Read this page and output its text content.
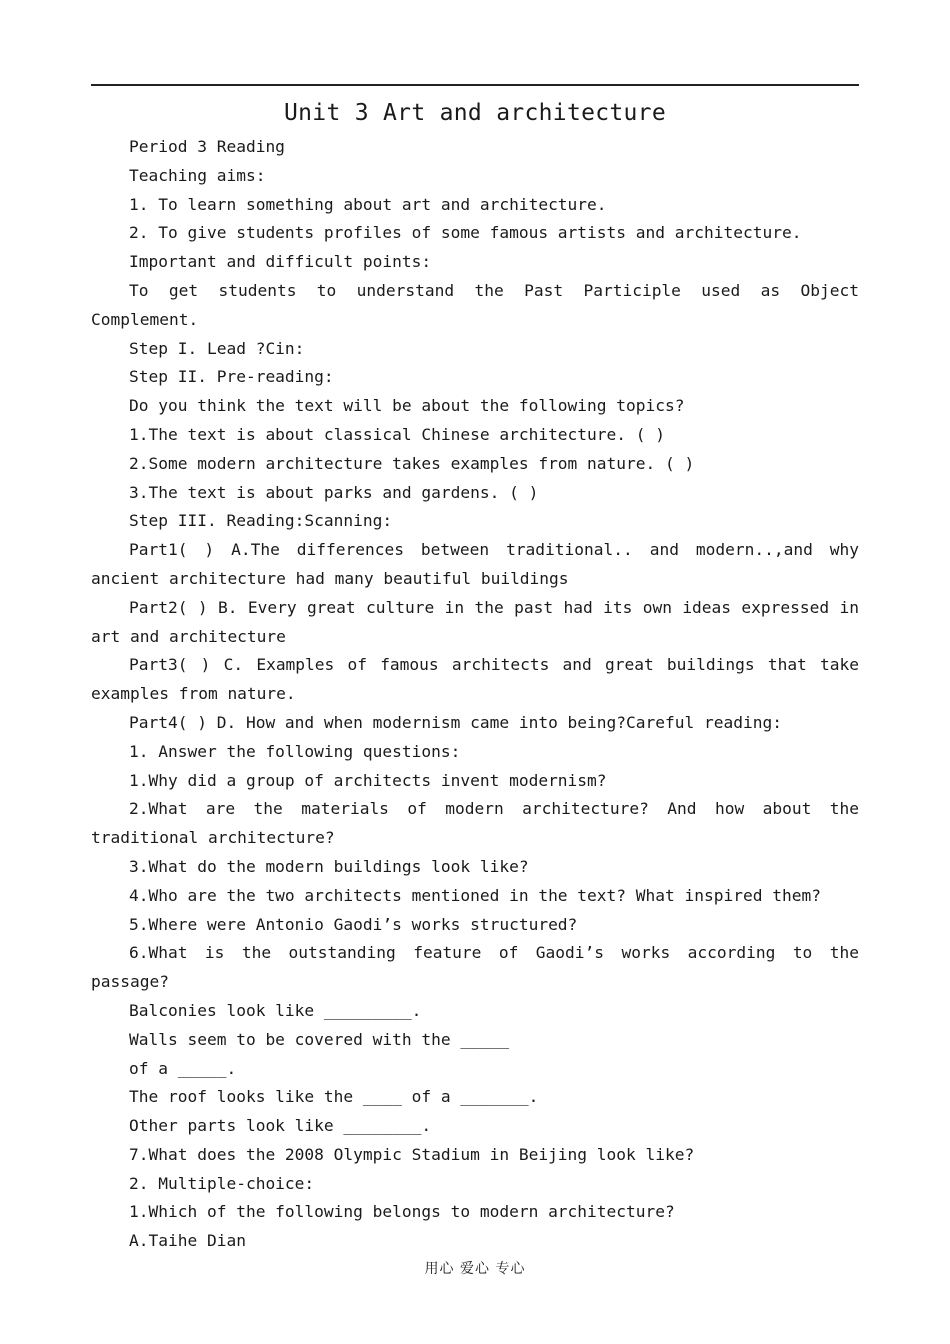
Unit 3 Art and architecture

Period 3 Reading

Teaching aims:

1. To learn something about art and architecture.

2. To give students profiles of some famous artists and architecture.

Important and difficult points:

To get students to understand the Past Participle used as Object Complement.

Step I. Lead ?Cin:

Step II. Pre-reading:

Do you think the text will be about the following topics?

1.The text is about classical Chinese architecture. ( )

2.Some modern architecture takes examples from nature. ( )

3.The text is about parks and gardens. ( )

Step III. Reading:Scanning:

Part1( ) A.The differences between traditional.. and modern..,and why ancient architecture had many beautiful buildings

Part2( ) B. Every great culture in the past had its own ideas expressed in art and architecture

Part3( ) C. Examples of famous architects and great buildings that take examples from nature.

Part4( ) D. How and when modernism came into being?Careful reading:

1. Answer the following questions:

1.Why did a group of architects invent modernism?

2.What are the materials of modern architecture? And how about the traditional architecture?

3.What do the modern buildings look like?

4.Who are the two architects mentioned in the text? What inspired them?

5.Where were Antonio Gaodi’s works structured?

6.What is the outstanding feature of Gaodi’s works according to the passage?

Balconies look like _________.

Walls seem to be covered with the _____

of a _____.

The roof looks like the ____ of a _______.

Other parts look like ________.

7.What does the 2008 Olympic Stadium in Beijing look like?

2. Multiple-choice:

1.Which of the following belongs to modern architecture?

A.Taihe Dian

用心 爱心 专心
